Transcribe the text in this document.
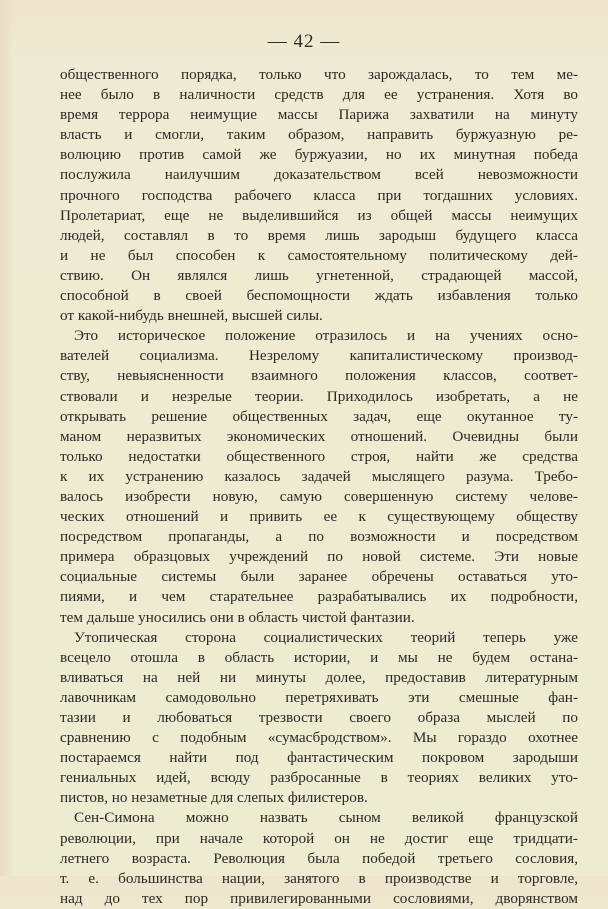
— 42 —
общественного порядка, только что зарождалась, то тем ме-
нее было в наличности средств для ее устранения. Хотя во
время террора неимущие массы Парижа захватили на минуту
власть и смогли, таким образом, направить буржуазную ре-
волюцию против самой же буржуазии, но их минутная победа
послужила наилучшим доказательством всей невозможности
прочного господства рабочего класса при тогдашних условиях.
Пролетариат, еще не выделившийся из общей массы неимущих
людей, составлял в то время лишь зародыш будущего класса
и не был способен к самостоятельному политическому дей-
ствию. Он являлся лишь угнетенной, страдающей массой,
способной в своей беспомощности ждать избавления только
от какой-нибудь внешней, высшей силы.
Это историческое положение отразилось и на учениях осно-
вателей социализма. Незрелому капиталистическому производ-
ству, невыясненности взаимного положения классов, соответ-
ствовали и незрелые теории. Приходилось изобретать, а не
открывать решение общественных задач, еще окутанное ту-
маном неразвитых экономических отношений. Очевидны были
только недостатки общественного строя, найти же средства
к их устранению казалось задачей мыслящего разума. Требо-
валось изобрести новую, самую совершенную систему челове-
ческих отношений и привить ее к существующему обществу
посредством пропаганды, а по возможности и посредством
примера образцовых учреждений по новой системе. Эти новые
социальные системы были заранее обречены оставаться уто-
пиями, и чем старательнее разрабатывались их подробности,
тем дальше уносились они в область чистой фантазии.
Утопическая сторона социалистических теорий теперь уже
всецело отошла в область истории, и мы не будем остана-
вливаться на ней ни минуты долее, предоставив литературным
лавочникам самодовольно перетряхивать эти смешные фан-
тазии и любоваться трезвости своего образа мыслей по
сравнению с подобным «сумасбродством». Мы гораздо охотнее
постараемся найти под фантастическим покровом зародыши
гениальных идей, всюду разбросанные в теориях великих уто-
пистов, но незаметные для слепых филистеров.
Сен-Симона можно назвать сыном великой французской
революции, при начале которой он не достиг еще тридцати-
летнего возраста. Революция была победой третьего сословия,
т. е. большинства нации, занятого в производстве и торговле,
над до тех пор привилегированными сословиями, дворянством
